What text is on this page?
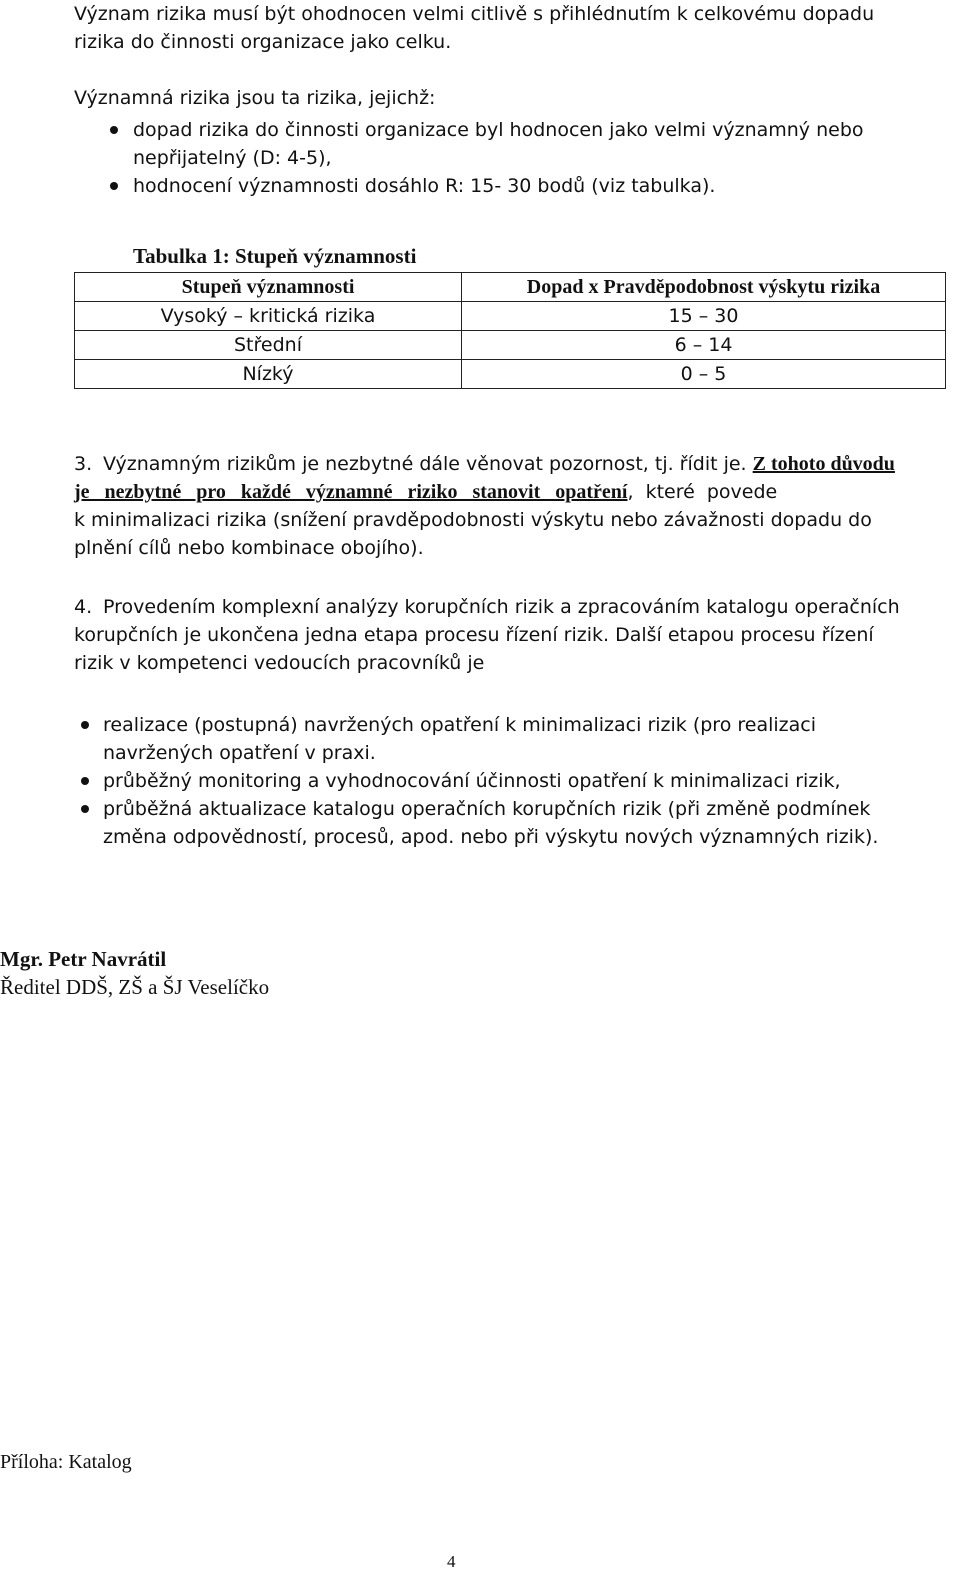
Význam rizika musí být ohodnocen velmi citlivě s přihlédnutím k celkovému dopadu
rizika do činnosti organizace jako celku.
Významná rizika jsou ta rizika, jejichž:
dopad rizika do činnosti organizace byl hodnocen jako velmi významný nebo
nepřijatelný (D: 4-5),
hodnocení významnosti dosáhlo R: 15- 30 bodů (viz tabulka).
Tabulka 1: Stupeň významnosti
Stupeň významnosti	Dopad x Pravděpodobnost výskytu rizika
Vysoký – kritická rizika	15 – 30
Střední	6 – 14
Nízký	0 – 5
3. Významným rizikům je nezbytné dále věnovat pozornost, tj. řídit je. Z tohoto důvodu
je nezbytné pro každé významné riziko stanovit opatření, které povede
k minimalizaci rizika (snížení pravděpodobnosti výskytu nebo závažnosti dopadu do
plnění cílů nebo kombinace obojího).
4. Provedením komplexní analýzy korupčních rizik a zpracováním katalogu operačních
korupčních je ukončena jedna etapa procesu řízení rizik. Další etapou procesu řízení
rizik v kompetenci vedoucích pracovníků je
realizace (postupná) navržených opatření k minimalizaci rizik (pro realizaci
navržených opatření v praxi.
průběžný monitoring a vyhodnocování účinnosti opatření k minimalizaci rizik,
průběžná aktualizace katalogu operačních korupčních rizik (při změně podmínek
změna odpovědností, procesů, apod. nebo při výskytu nových významných rizik).
Mgr. Petr Navrátil
Ředitel DDŠ, ZŠ a ŠJ Veselíčko
Příloha: Katalog
4
